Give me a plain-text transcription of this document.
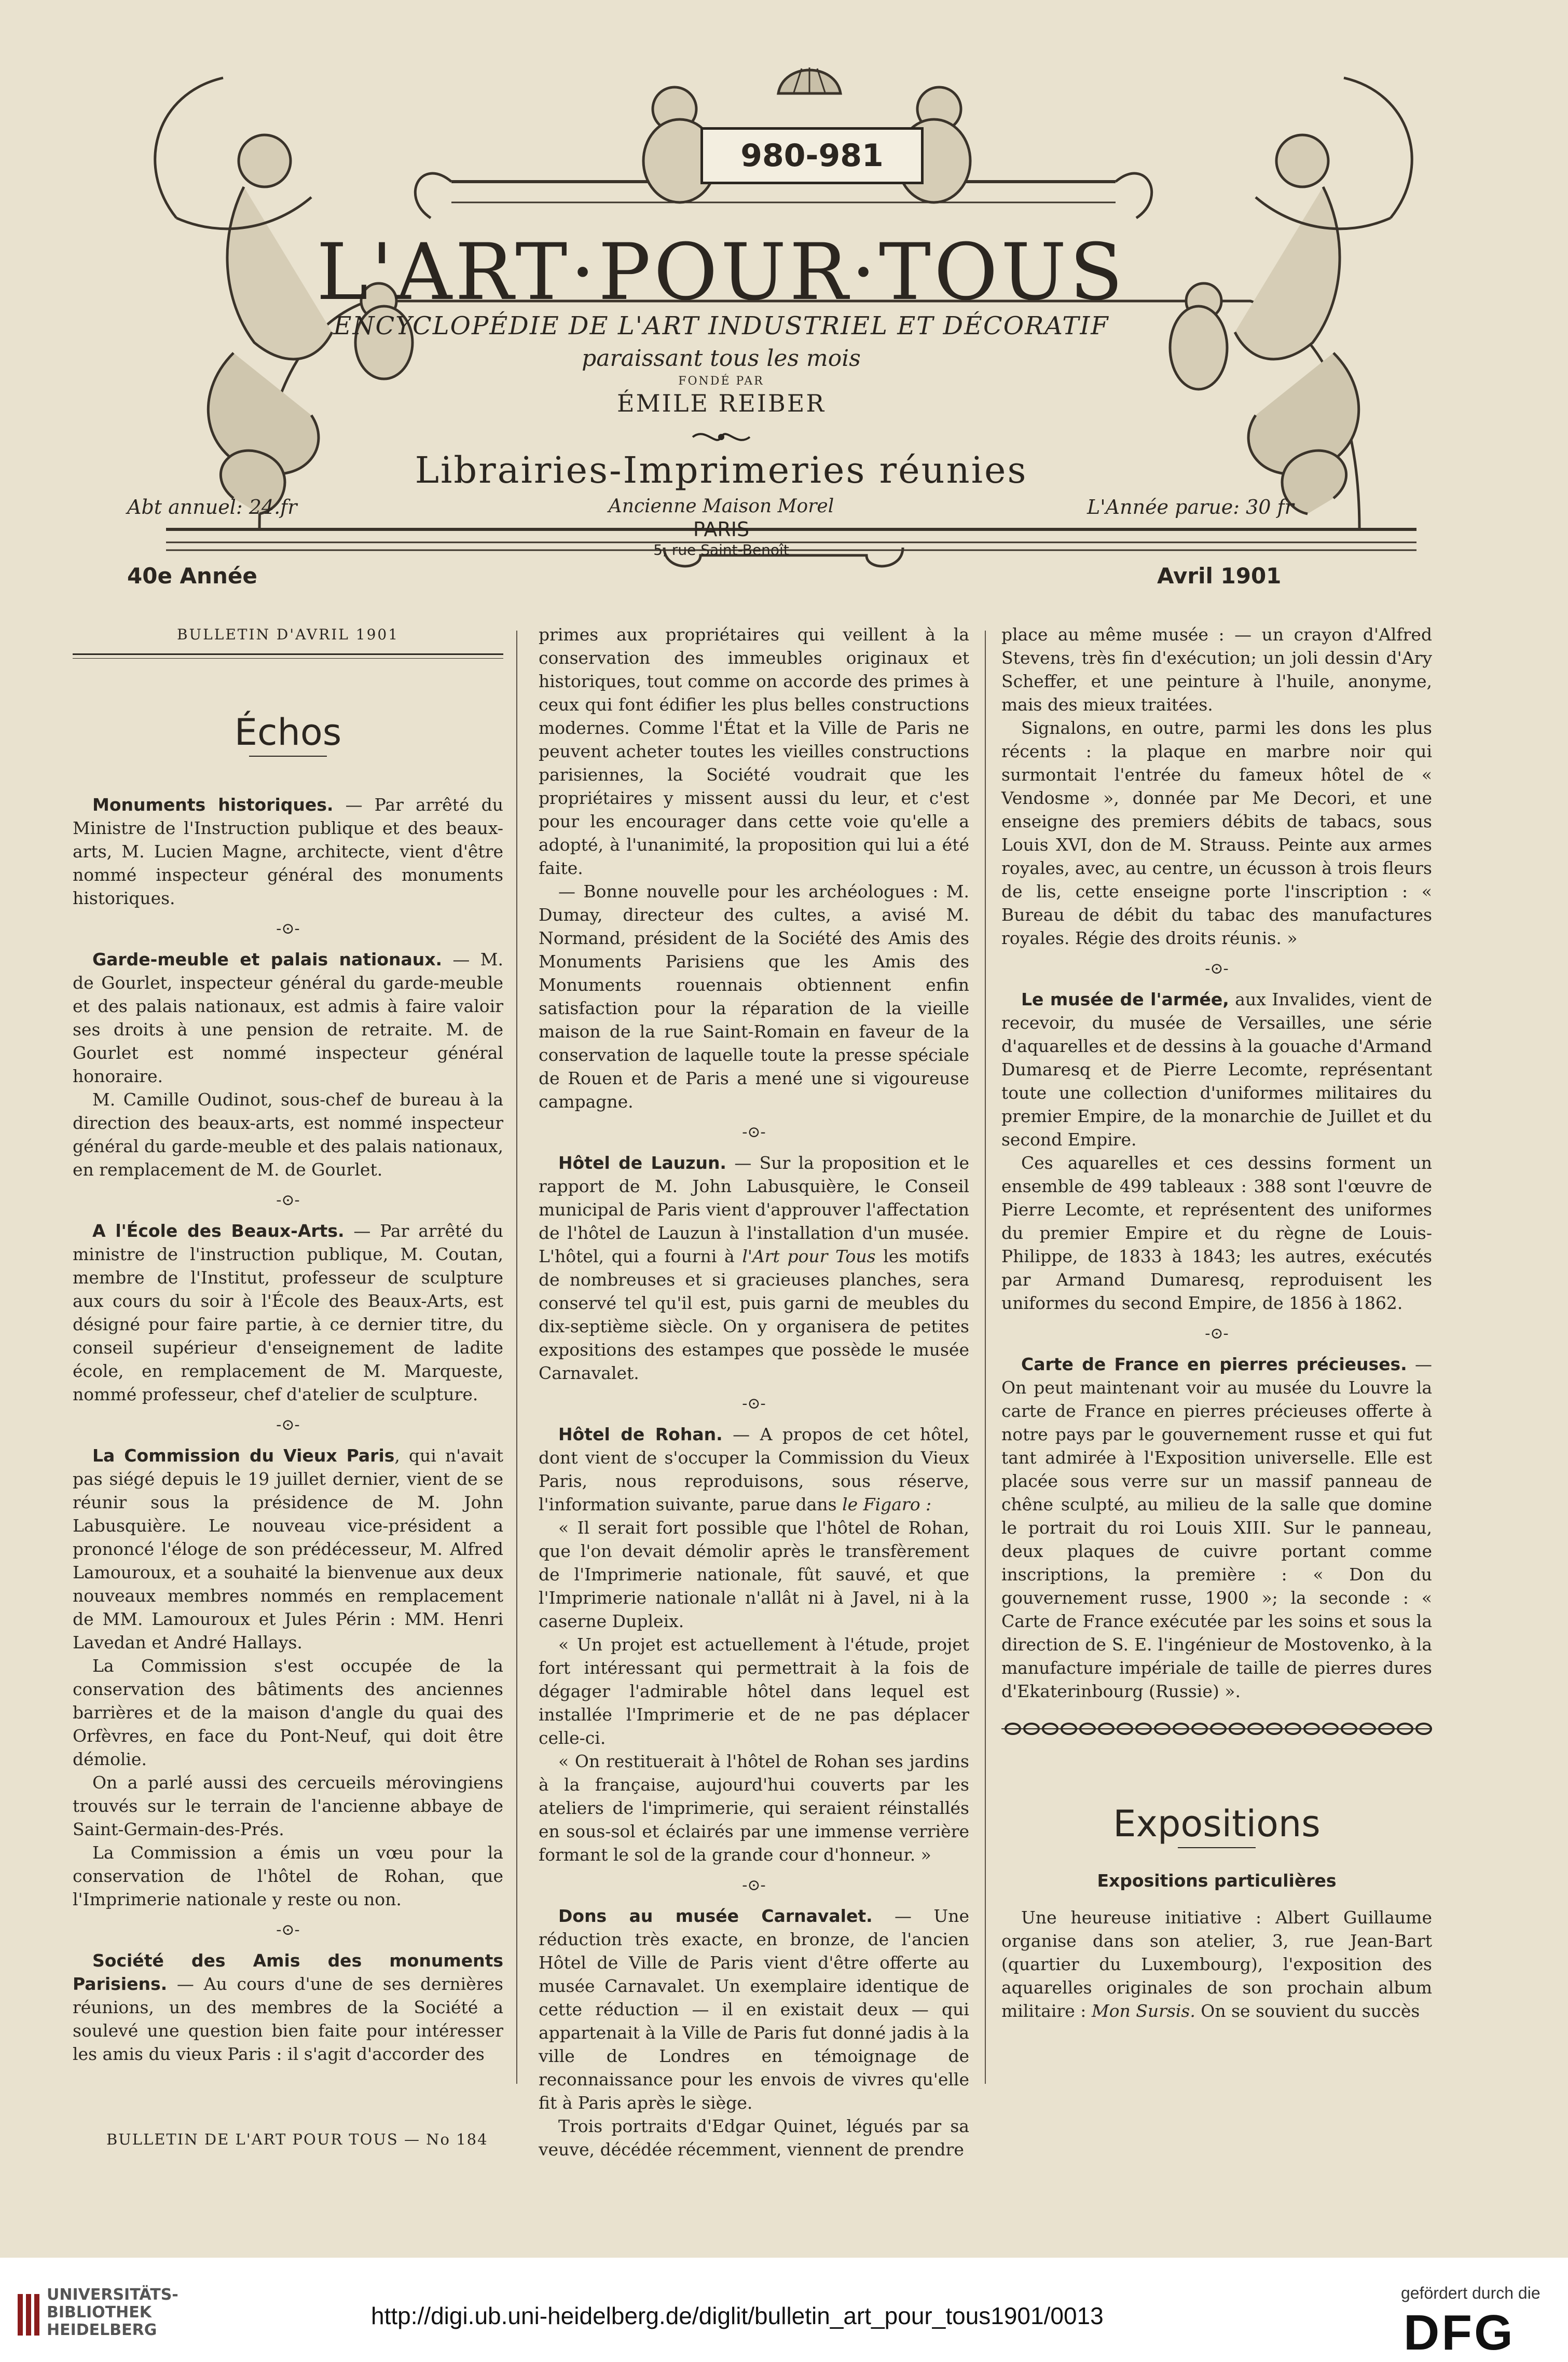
980-981
L'ART·POUR·TOUS
ENCYCLOPÉDIE DE L'ART INDUSTRIEL ET DÉCORATIF
paraissant tous les mois
FONDÉ PAR
ÉMILE REIBER
Librairies-Imprimeries réunies
Ancienne Maison Morel
PARIS
5, rue Saint-Benoît
Abt annuel: 24.fr	L'Année parue: 30 fr
40e Année	Avril 1901
BULLETIN D'AVRIL 1901
Échos

Monuments historiques. — Par arrêté du Ministre de l'Instruction publique et des beaux-arts, M. Lucien Magne, architecte, vient d'être nommé inspecteur général des monuments historiques.

-⊙-

Garde-meuble et palais nationaux. — M. de Gourlet, inspecteur général du garde-meuble et des palais nationaux, est admis à faire valoir ses droits à une pension de retraite. M. de Gourlet est nommé inspecteur général honoraire.

M. Camille Oudinot, sous-chef de bureau à la direction des beaux-arts, est nommé inspecteur général du garde-meuble et des palais nationaux, en remplacement de M. de Gourlet.

-⊙-

A l'École des Beaux-Arts. — Par arrêté du ministre de l'instruction publique, M. Coutan, membre de l'Institut, professeur de sculpture aux cours du soir à l'École des Beaux-Arts, est désigné pour faire partie, à ce dernier titre, du conseil supérieur d'enseignement de ladite école, en remplacement de M. Marqueste, nommé professeur, chef d'atelier de sculpture.

-⊙-

La Commission du Vieux Paris, qui n'avait pas siégé depuis le 19 juillet dernier, vient de se réunir sous la présidence de M. John Labusquière. Le nouveau vice-président a prononcé l'éloge de son prédécesseur, M. Alfred Lamouroux, et a souhaité la bienvenue aux deux nouveaux membres nommés en remplacement de MM. Lamouroux et Jules Périn : MM. Henri Lavedan et André Hallays.

La Commission s'est occupée de la conservation des bâtiments des anciennes barrières et de la maison d'angle du quai des Orfèvres, en face du Pont-Neuf, qui doit être démolie.

On a parlé aussi des cercueils mérovingiens trouvés sur le terrain de l'ancienne abbaye de Saint-Germain-des-Prés.

La Commission a émis un vœu pour la conservation de l'hôtel de Rohan, que l'Imprimerie nationale y reste ou non.

-⊙-

Société des Amis des monuments Parisiens. — Au cours d'une de ses dernières réunions, un des membres de la Société a soulevé une question bien faite pour intéresser les amis du vieux Paris : il s'agit d'accorder des

primes aux propriétaires qui veillent à la conservation des immeubles originaux et historiques, tout comme on accorde des primes à ceux qui font édifier les plus belles constructions modernes. Comme l'État et la Ville de Paris ne peuvent acheter toutes les vieilles constructions parisiennes, la Société voudrait que les propriétaires y missent aussi du leur, et c'est pour les encourager dans cette voie qu'elle a adopté, à l'unanimité, la proposition qui lui a été faite.

— Bonne nouvelle pour les archéologues : M. Dumay, directeur des cultes, a avisé M. Normand, président de la Société des Amis des Monuments Parisiens que les Amis des Monuments rouennais obtiennent enfin satisfaction pour la réparation de la vieille maison de la rue Saint-Romain en faveur de la conservation de laquelle toute la presse spéciale de Rouen et de Paris a mené une si vigoureuse campagne.

-⊙-

Hôtel de Lauzun. — Sur la proposition et le rapport de M. John Labusquière, le Conseil municipal de Paris vient d'approuver l'affectation de l'hôtel de Lauzun à l'installation d'un musée. L'hôtel, qui a fourni à l'Art pour Tous les motifs de nombreuses et si gracieuses planches, sera conservé tel qu'il est, puis garni de meubles du dix-septième siècle. On y organisera de petites expositions des estampes que possède le musée Carnavalet.

-⊙-

Hôtel de Rohan. — A propos de cet hôtel, dont vient de s'occuper la Commission du Vieux Paris, nous reproduisons, sous réserve, l'information suivante, parue dans le Figaro :

« Il serait fort possible que l'hôtel de Rohan, que l'on devait démolir après le transfèrement de l'Imprimerie nationale, fût sauvé, et que l'Imprimerie nationale n'allât ni à Javel, ni à la caserne Dupleix.

« Un projet est actuellement à l'étude, projet fort intéressant qui permettrait à la fois de dégager l'admirable hôtel dans lequel est installée l'Imprimerie et de ne pas déplacer celle-ci.

« On restituerait à l'hôtel de Rohan ses jardins à la française, aujourd'hui couverts par les ateliers de l'imprimerie, qui seraient réinstallés en sous-sol et éclairés par une immense verrière formant le sol de la grande cour d'honneur. »

-⊙-

Dons au musée Carnavalet. — Une réduction très exacte, en bronze, de l'ancien Hôtel de Ville de Paris vient d'être offerte au musée Carnavalet. Un exemplaire identique de cette réduction — il en existait deux — qui appartenait à la Ville de Paris fut donné jadis à la ville de Londres en témoignage de reconnaissance pour les envois de vivres qu'elle fit à Paris après le siège.

Trois portraits d'Edgar Quinet, légués par sa veuve, décédée récemment, viennent de prendre

place au même musée : — un crayon d'Alfred Stevens, très fin d'exécution; un joli dessin d'Ary Scheffer, et une peinture à l'huile, anonyme, mais des mieux traitées.

Signalons, en outre, parmi les dons les plus récents : la plaque en marbre noir qui surmontait l'entrée du fameux hôtel de « Vendosme », donnée par Me Decori, et une enseigne des premiers débits de tabacs, sous Louis XVI, don de M. Strauss. Peinte aux armes royales, avec, au centre, un écusson à trois fleurs de lis, cette enseigne porte l'inscription : « Bureau de débit du tabac des manufactures royales. Régie des droits réunis. »

-⊙-

Le musée de l'armée, aux Invalides, vient de recevoir, du musée de Versailles, une série d'aquarelles et de dessins à la gouache d'Armand Dumaresq et de Pierre Lecomte, représentant toute une collection d'uniformes militaires du premier Empire, de la monarchie de Juillet et du second Empire.

Ces aquarelles et ces dessins forment un ensemble de 499 tableaux : 388 sont l'œuvre de Pierre Lecomte, et représentent des uniformes du premier Empire et du règne de Louis-Philippe, de 1833 à 1843; les autres, exécutés par Armand Dumaresq, reproduisent les uniformes du second Empire, de 1856 à 1862.

-⊙-

Carte de France en pierres précieuses. — On peut maintenant voir au musée du Louvre la carte de France en pierres précieuses offerte à notre pays par le gouvernement russe et qui fut tant admirée à l'Exposition universelle. Elle est placée sous verre sur un massif panneau de chêne sculpté, au milieu de la salle que domine le portrait du roi Louis XIII. Sur le panneau, deux plaques de cuivre portant comme inscriptions, la première : « Don du gouvernement russe, 1900 »; la seconde : « Carte de France exécutée par les soins et sous la direction de S. E. l'ingénieur de Mostovenko, à la manufacture impériale de taille de pierres dures d'Ekaterinbourg (Russie) ».

Expositions
Expositions particulières

Une heureuse initiative : Albert Guillaume organise dans son atelier, 3, rue Jean-Bart (quartier du Luxembourg), l'exposition des aquarelles originales de son prochain album militaire : Mon Sursis. On se souvient du succès

BULLETIN DE L'ART POUR TOUS — No 184
UNIVERSITÄTS-
BIBLIOTHEK
HEIDELBERG
http://digi.ub.uni-heidelberg.de/diglit/bulletin_art_pour_tous1901/0013
gefördert durch die
DFG
